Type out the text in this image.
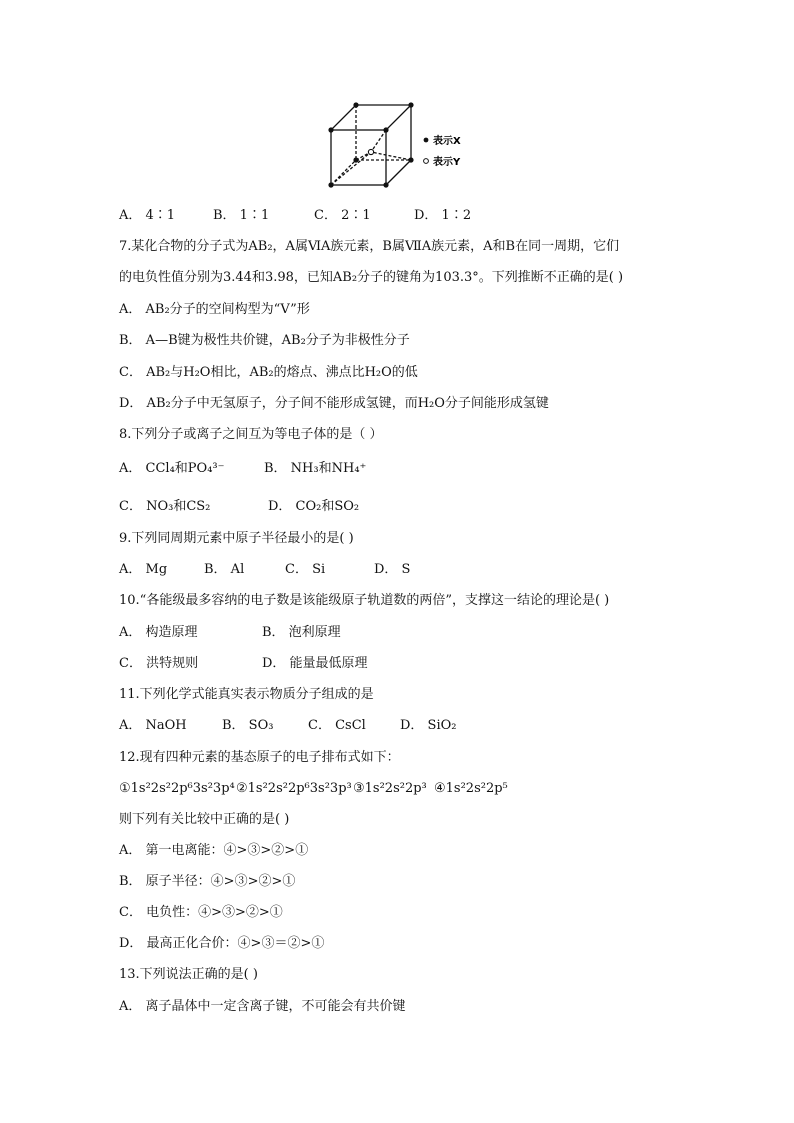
表示X
表示Y
A． 4∶1	B． 1∶1	C． 2∶1	D． 1∶2
7.某化合物的分子式为AB₂，A属ⅥA族元素，B属ⅦA族元素，A和B在同一周期，它们
的电负性值分别为3.44和3.98，已知AB₂分子的键角为103.3°。下列推断不正确的是( )
A． AB₂分子的空间构型为“V”形
B． A—B键为极性共价键，AB₂分子为非极性分子
C． AB₂与H₂O相比，AB₂的熔点、沸点比H₂O的低
D． AB₂分子中无氢原子，分子间不能形成氢键，而H₂O分子间能形成氢键
8.下列分子或离子之间互为等电子体的是（ ）
A． CCl₄和PO₄³⁻	B． NH₃和NH₄⁺
C． NO₃和CS₂	D． CO₂和SO₂
9.下列同周期元素中原子半径最小的是( )
A． Mg	B． Al	C． Si	D． S
10.“各能级最多容纳的电子数是该能级原子轨道数的两倍”，支撑这一结论的理论是( )
A． 构造原理	B． 泡利原理
C． 洪特规则	D． 能量最低原理
11.下列化学式能真实表示物质分子组成的是
A． NaOH	B． SO₃	C． CsCl	D． SiO₂
12.现有四种元素的基态原子的电子排布式如下：
①1s²2s²2p⁶3s²3p⁴ ②1s²2s²2p⁶3s²3p³ ③1s²2s²2p³ ④1s²2s²2p⁵
则下列有关比较中正确的是( )
A． 第一电离能：④>③>②>①
B． 原子半径：④>③>②>①
C． 电负性：④>③>②>①
D． 最高正化合价：④>③＝②>①
13.下列说法正确的是( )
A． 离子晶体中一定含离子键，不可能会有共价键
